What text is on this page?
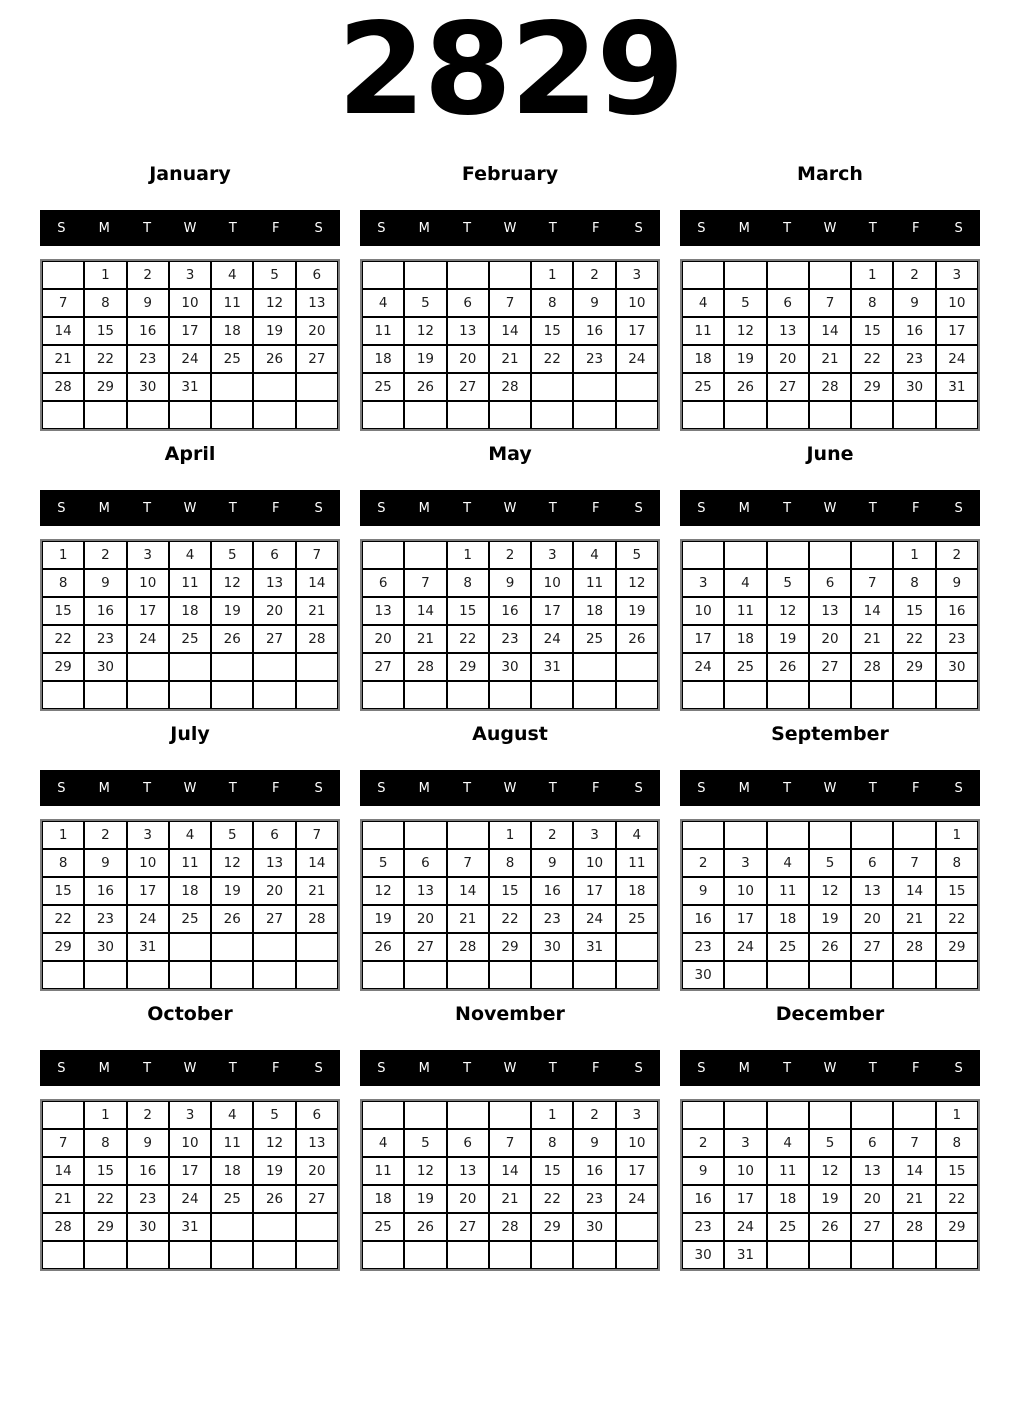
2829
January
S	M	T	W	T	F	S
	1	2	3	4	5	6
7	8	9	10	11	12	13
14	15	16	17	18	19	20
21	22	23	24	25	26	27
28	29	30	31			

February
S	M	T	W	T	F	S
				1	2	3
4	5	6	7	8	9	10
11	12	13	14	15	16	17
18	19	20	21	22	23	24
25	26	27	28			

March
S	M	T	W	T	F	S
				1	2	3
4	5	6	7	8	9	10
11	12	13	14	15	16	17
18	19	20	21	22	23	24
25	26	27	28	29	30	31

April
S	M	T	W	T	F	S
1	2	3	4	5	6	7
8	9	10	11	12	13	14
15	16	17	18	19	20	21
22	23	24	25	26	27	28
29	30					

May
S	M	T	W	T	F	S
		1	2	3	4	5
6	7	8	9	10	11	12
13	14	15	16	17	18	19
20	21	22	23	24	25	26
27	28	29	30	31		

June
S	M	T	W	T	F	S
					1	2
3	4	5	6	7	8	9
10	11	12	13	14	15	16
17	18	19	20	21	22	23
24	25	26	27	28	29	30

July
S	M	T	W	T	F	S
1	2	3	4	5	6	7
8	9	10	11	12	13	14
15	16	17	18	19	20	21
22	23	24	25	26	27	28
29	30	31				

August
S	M	T	W	T	F	S
			1	2	3	4
5	6	7	8	9	10	11
12	13	14	15	16	17	18
19	20	21	22	23	24	25
26	27	28	29	30	31	

September
S	M	T	W	T	F	S
						1
2	3	4	5	6	7	8
9	10	11	12	13	14	15
16	17	18	19	20	21	22
23	24	25	26	27	28	29
30						
October
S	M	T	W	T	F	S
	1	2	3	4	5	6
7	8	9	10	11	12	13
14	15	16	17	18	19	20
21	22	23	24	25	26	27
28	29	30	31			

November
S	M	T	W	T	F	S
				1	2	3
4	5	6	7	8	9	10
11	12	13	14	15	16	17
18	19	20	21	22	23	24
25	26	27	28	29	30	

December
S	M	T	W	T	F	S
						1
2	3	4	5	6	7	8
9	10	11	12	13	14	15
16	17	18	19	20	21	22
23	24	25	26	27	28	29
30	31					
